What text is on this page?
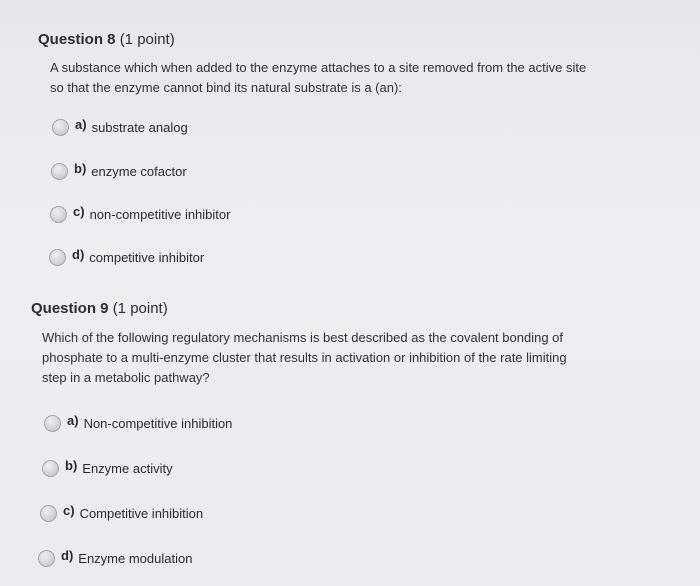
Question 8 (1 point)
A substance which when added to the enzyme attaches to a site removed from the active site
so that the enzyme cannot bind its natural substrate is a (an):
a) substrate analog
b) enzyme cofactor
c) non-competitive inhibitor
d) competitive inhibitor
Question 9 (1 point)
Which of the following regulatory mechanisms is best described as the covalent bonding of
phosphate to a multi-enzyme cluster that results in activation or inhibition of the rate limiting
step in a metabolic pathway?
a) Non-competitive inhibition
b) Enzyme activity
c) Competitive inhibition
d) Enzyme modulation
